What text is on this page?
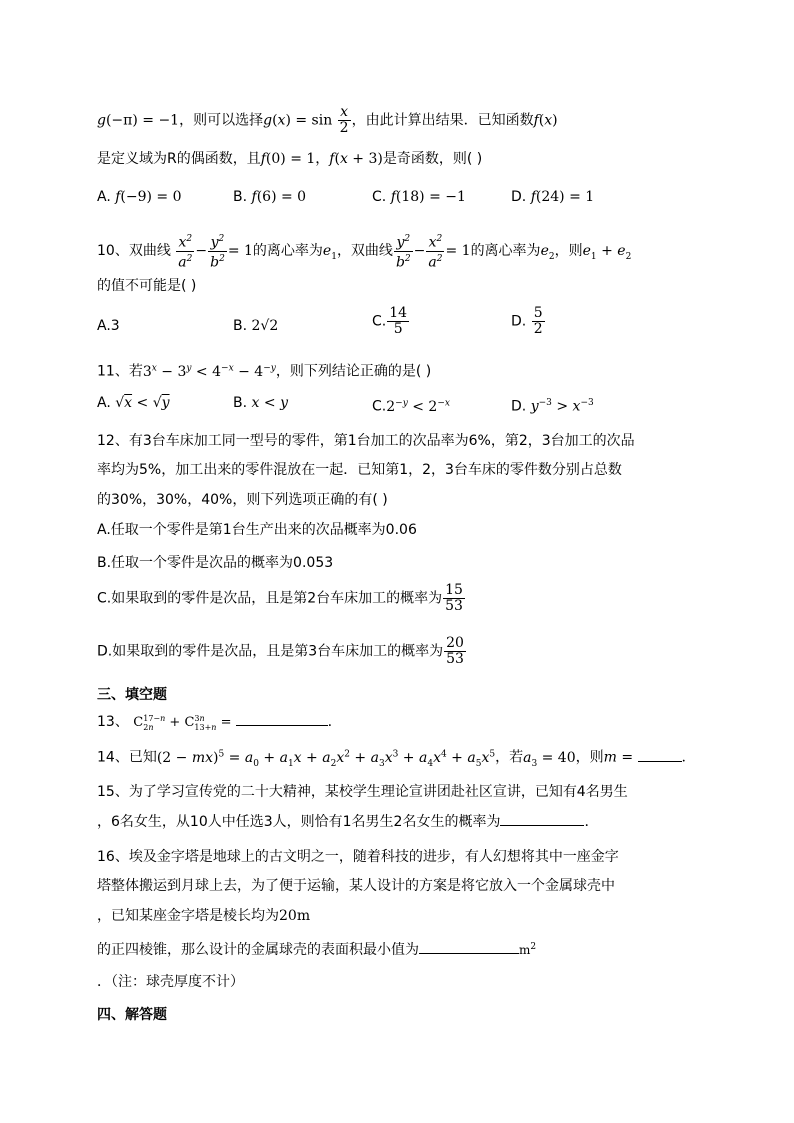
g(−π) = −1，则可以选择$g(x) = \sin \frac{x}{2}$ ，由此计算出结果．已知函数f(x)
是定义域为R的偶函数，且f(0) = 1，f(x + 3)是奇函数，则( )
A. f(−9) = 0	B. f(6) = 0	C. f(18) = −1	D. f(24) = 1
10、双曲线 $\frac{x^2}{a^2} - \frac{y^2}{b^2} = 1$的离心率为$e_1$，双曲线 $\frac{y^2}{b^2} - \frac{x^2}{a^2} = 1$的离心率为$e_2$，则$e_1 + e_2$
的值不可能是( )
A.3	B. 2√2	C. $\frac{14}{5}$	D. $\frac{5}{2}$
11、若$3^x - 3^y < 4^{-x} - 4^{-y}$，则下列结论正确的是( )
A. √x < √y	B. x < y	$C.2^{-y} < 2^{-x}$	D. $y^{-3} > x^{-3}$
12、有3台车床加工同一型号的零件，第1台加工的次品率为6%，第2，3台加工的次品
率均为5%，加工出来的零件混放在一起．已知第1，2，3台车床的零件数分别占总数
的30%，30%，40%，则下列选项正确的有( )
A.任取一个零件是第1台生产出来的次品概率为0.06
B.任取一个零件是次品的概率为0.053
C.如果取到的零件是次品，且是第2台车床加工的概率为 $\frac{15}{53}$
D.如果取到的零件是次品，且是第3台车床加工的概率为 $\frac{20}{53}$
三、填空题
13、 C 17−n
2n + C 3n
13+n =	.
14、已知$(2 - mx)^5 = a_0 + a_1x + a_2x^2 + a_3x^3 + a_4x^4 + a_5x^5$，若$a_3 = 40$，则m =	.
15、为了学习宣传党的二十大精神，某校学生理论宣讲团赴社区宣讲，已知有4名男生
，6名女生，从10人中任选3人，则恰有1名男生2名女生的概率为	.
16、埃及金字塔是地球上的古文明之一，随着科技的进步，有人幻想将其中一座金字
塔整体搬运到月球上去，为了便于运输，某人设计的方案是将它放入一个金属球壳中
，已知某座金字塔是棱长均为20m
的正四棱锥，那么设计的金属球壳的表面积最小值为	$m^2$
．（注：球壳厚度不计）
四、解答题
